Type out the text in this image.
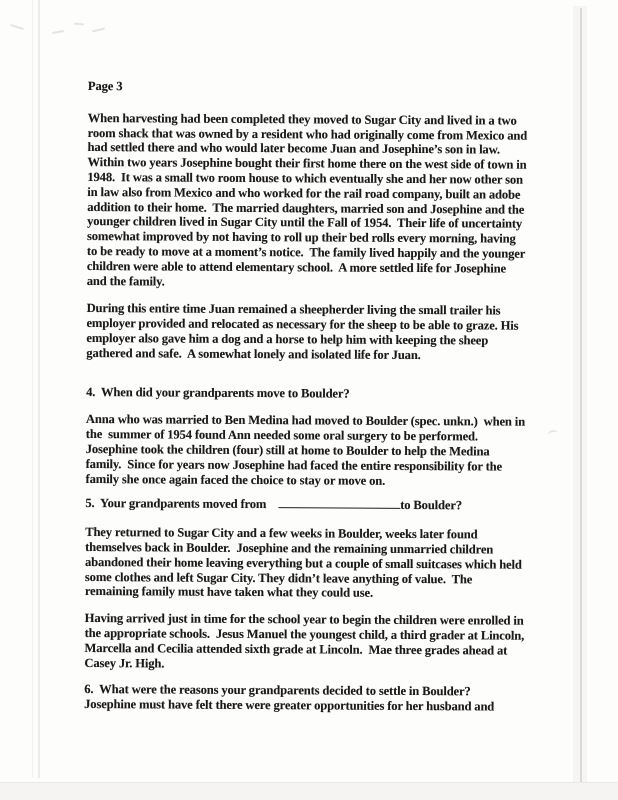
Page 3
When harvesting had been completed they moved to Sugar City and lived in a two
room shack that was owned by a resident who had originally come from Mexico and
had settled there and who would later become Juan and Josephine’s son in law.
Within two years Josephine bought their first home there on the west side of town in
1948.  It was a small two room house to which eventually she and her now other son
in law also from Mexico and who worked for the rail road company, built an adobe
addition to their home.  The married daughters, married son and Josephine and the
younger children lived in Sugar City until the Fall of 1954.  Their life of uncertainty
somewhat improved by not having to roll up their bed rolls every morning, having
to be ready to move at a moment’s notice.  The family lived happily and the younger
children were able to attend elementary school.  A more settled life for Josephine
and the family.
During this entire time Juan remained a sheepherder living the small trailer his
employer provided and relocated as necessary for the sheep to be able to graze. His
employer also gave him a dog and a horse to help him with keeping the sheep
gathered and safe.  A somewhat lonely and isolated life for Juan.
4.  When did your grandparents move to Boulder?
Anna who was married to Ben Medina had moved to Boulder (spec. unkn.)  when in
the  summer of 1954 found Ann needed some oral surgery to be performed.
Josephine took the children (four) still at home to Boulder to help the Medina
family.  Since for years now Josephine had faced the entire responsibility for the
family she once again faced the choice to stay or move on.
5.  Your grandparents moved from	to Boulder?
They returned to Sugar City and a few weeks in Boulder, weeks later found
themselves back in Boulder.  Josephine and the remaining unmarried children
abandoned their home leaving everything but a couple of small suitcases which held
some clothes and left Sugar City. They didn’t leave anything of value.  The
remaining family must have taken what they could use.
Having arrived just in time for the school year to begin the children were enrolled in
the appropriate schools.  Jesus Manuel the youngest child, a third grader at Lincoln,
Marcella and Cecilia attended sixth grade at Lincoln.  Mae three grades ahead at
Casey Jr. High.
6.  What were the reasons your grandparents decided to settle in Boulder?
Josephine must have felt there were greater opportunities for her husband and
